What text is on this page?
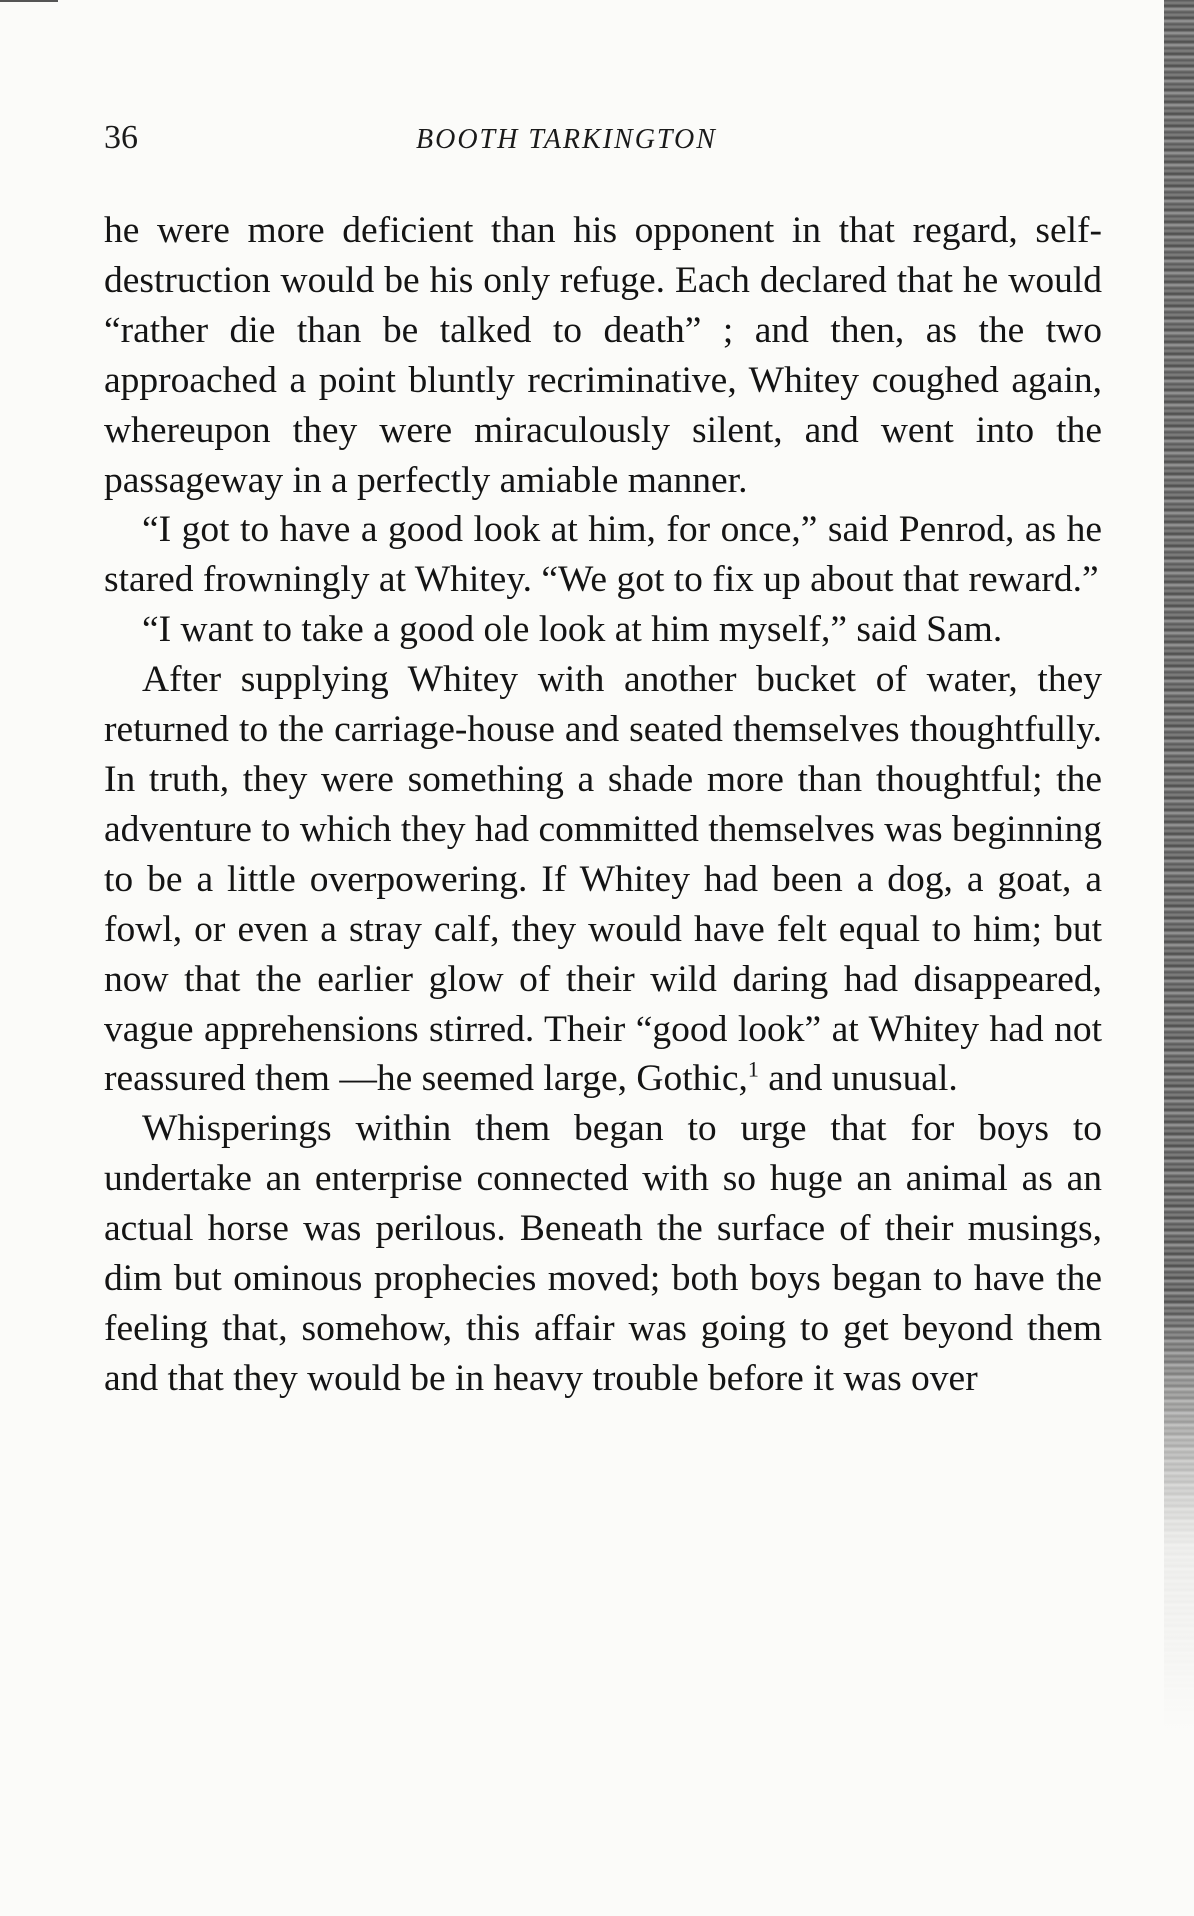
36	BOOTH TARKINGTON

he were more deficient than his opponent in that regard, self-destruction would be his only refuge. Each declared that he would “rather die than be talked to death” ; and then, as the two approached a point bluntly recriminative, Whitey coughed again, whereupon they were miraculously silent, and went into the passageway in a perfectly amiable manner.

“I got to have a good look at him, for once,” said Penrod, as he stared frowningly at Whitey. “We got to fix up about that reward.”

“I want to take a good ole look at him myself,” said Sam.

After supplying Whitey with another bucket of water, they returned to the carriage-house and seated themselves thoughtfully. In truth, they were something a shade more than thoughtful; the adventure to which they had committed themselves was beginning to be a little overpowering. If Whitey had been a dog, a goat, a fowl, or even a stray calf, they would have felt equal to him; but now that the earlier glow of their wild daring had disappeared, vague apprehensions stirred. Their “good look” at Whitey had not reassured them —he seemed large, Gothic,$^1$ and unusual.

Whisperings within them began to urge that for boys to undertake an enterprise connected with so huge an animal as an actual horse was perilous. Beneath the surface of their musings, dim but ominous prophecies moved; both boys began to have the feeling that, somehow, this affair was going to get beyond them and that they would be in heavy trouble before it was over
